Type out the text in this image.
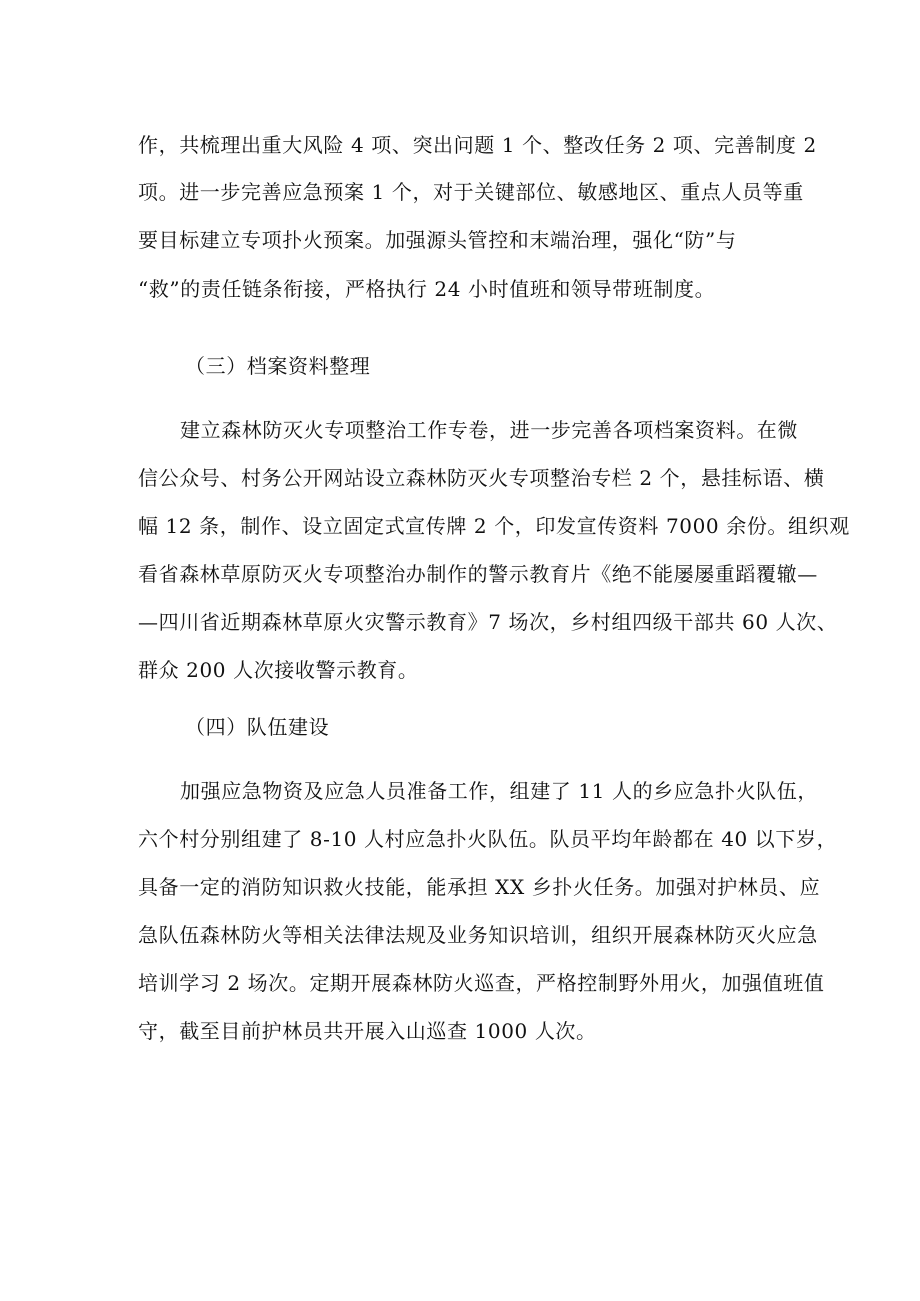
作，共梳理出重大风险 4 项、突出问题 1 个、整改任务 2 项、完善制度 2
项。进一步完善应急预案 1 个，对于关键部位、敏感地区、重点人员等重
要目标建立专项扑火预案。加强源头管控和末端治理，强化“防”与
“救”的责任链条衔接，严格执行 24 小时值班和领导带班制度。
（三）档案资料整理
建立森林防灭火专项整治工作专卷，进一步完善各项档案资料。在微
信公众号、村务公开网站设立森林防灭火专项整治专栏 2 个，悬挂标语、横
幅 12 条，制作、设立固定式宣传牌 2 个，印发宣传资料 7000 余份。组织观
看省森林草原防灭火专项整治办制作的警示教育片《绝不能屡屡重蹈覆辙—
—四川省近期森林草原火灾警示教育》7 场次，乡村组四级干部共 60 人次、
群众 200 人次接收警示教育。
（四）队伍建设
加强应急物资及应急人员准备工作，组建了 11 人的乡应急扑火队伍，
六个村分别组建了 8-10 人村应急扑火队伍。队员平均年龄都在 40 以下岁，
具备一定的消防知识救火技能，能承担 XX 乡扑火任务。加强对护林员、应
急队伍森林防火等相关法律法规及业务知识培训，组织开展森林防灭火应急
培训学习 2 场次。定期开展森林防火巡查，严格控制野外用火，加强值班值
守，截至目前护林员共开展入山巡查 1000 人次。
